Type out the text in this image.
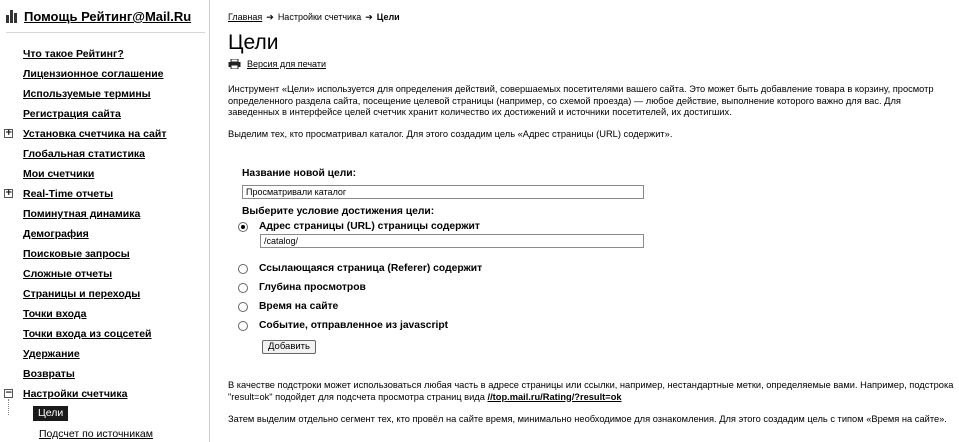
Помощь Рейтинг@Mail.Ru
Что такое Рейтинг?
Лицензионное соглашение
Используемые термины
Регистрация сайта
+ Установка счетчика на сайт
Глобальная статистика
Мои счетчики
+ Real-Time отчеты
Поминутная динамика
Демография
Поисковые запросы
Сложные отчеты
Страницы и переходы
Точки входа
Точки входа из соцсетей
Удержание
Возвраты
− Настройки счетчика
Цели
Подсчет по источникам
Главная ➔ Настройки счетчика ➔ Цели
Цели
Версия для печати

Инструмент «Цели» используется для определения действий, совершаемых посетителями вашего сайта. Это может быть добавление товара в корзину, просмотр определенного раздела сайта, посещение целевой страницы (например, со схемой проезда) — любое действие, выполнение которого важно для вас. Для заведенных в интерфейсе целей счетчик хранит количество их достижений и источники посетителей, их достигших.

Выделим тех, кто просматривал каталог. Для этого создадим цель «Адрес страницы (URL) содержит».

Название новой цели:
Просматривали каталог
Выберите условие достижения цели:
Адрес страницы (URL) страницы содержит
/catalog/
Ссылающаяся страница (Referer) содержит
Глубина просмотров
Время на сайте
Событие, отправленное из javascript
Добавить

В качестве подстроки может использоваться любая часть в адресе страницы или ссылки, например, нестандартные метки, определяемые вами. Например, подстрока "result=ok" подойдет для подсчета просмотра страниц вида //top.mail.ru/Rating/?result=ok

Затем выделим отдельно сегмент тех, кто провёл на сайте время, минимально необходимое для ознакомления. Для этого создадим цель с типом «Время на сайте».
